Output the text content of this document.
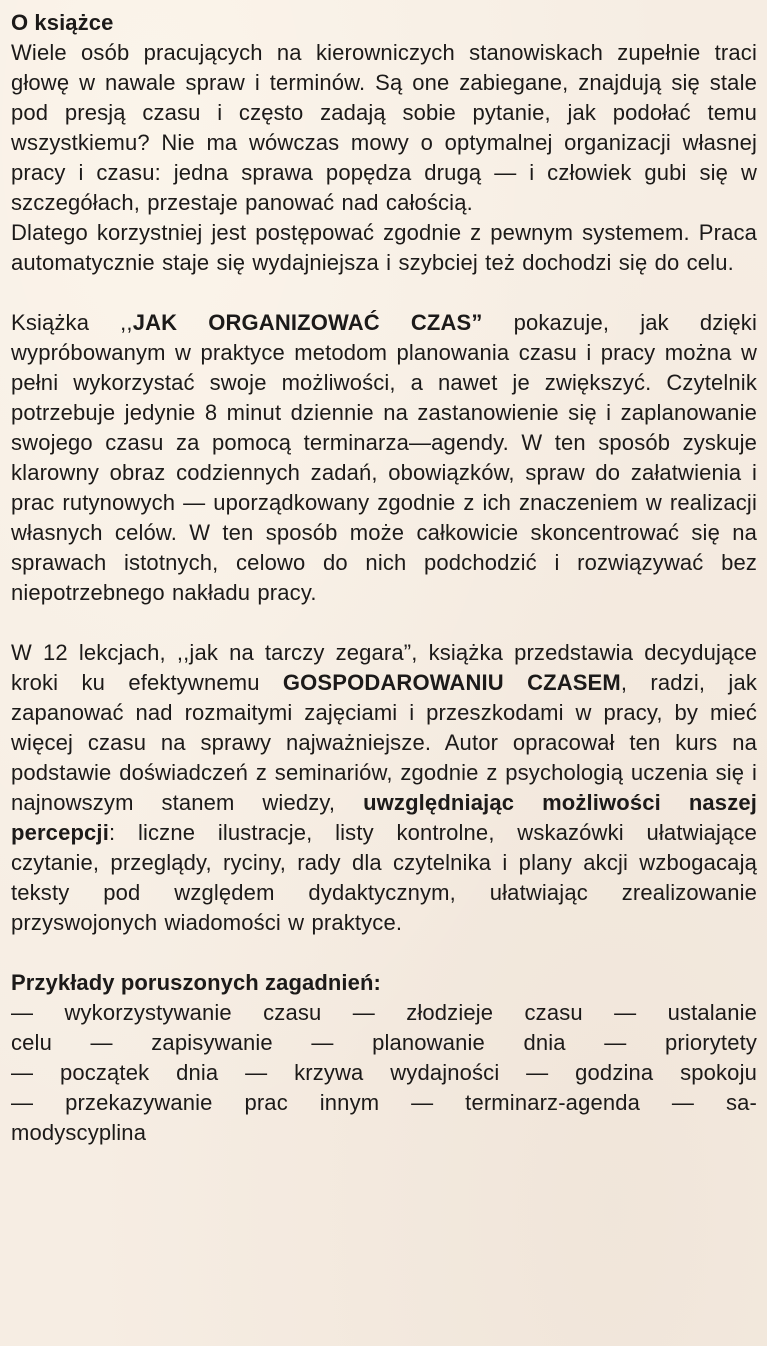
O książce

Wiele osób pracujących na kierowniczych stanowiskach zupełnie traci głowę w nawale spraw i terminów. Są one zabiegane, znajdują się stale pod presją czasu i często zadają sobie pytanie, jak podołać temu wszystkiemu? Nie ma wówczas mowy o optymalnej organizacji własnej pracy i czasu: jedna sprawa popędza drugą — i człowiek gubi się w szczegółach, przestaje panować nad całością.

Dlatego korzystniej jest postępować zgodnie z pewnym systemem. Praca automatycznie staje się wydajniejsza i szybciej też dochodzi się do celu.

Książka ,,JAK ORGANIZOWAĆ CZAS” pokazuje, jak dzięki wypróbowanym w praktyce metodom planowania czasu i pracy można w pełni wykorzystać swoje możliwości, a nawet je zwiększyć. Czytelnik potrzebuje jedynie 8 minut dziennie na zastanowienie się i zaplanowanie swojego czasu za pomocą terminarza—agendy. W ten sposób zyskuje klarowny obraz codziennych zadań, obowiązków, spraw do załatwienia i prac rutynowych — uporządkowany zgodnie z ich znaczeniem w realizacji własnych celów. W ten sposób może całkowicie skoncentrować się na sprawach istotnych, celowo do nich podchodzić i rozwiązywać bez niepotrzebnego nakładu pracy.

W 12 lekcjach, ,,jak na tarczy zegara”, książka przedstawia decydujące kroki ku efektywnemu GOSPODAROWANIU CZASEM, radzi, jak zapanować nad rozmaitymi zajęciami i przeszkodami w pracy, by mieć więcej czasu na sprawy najważniejsze. Autor opracował ten kurs na podstawie doświadczeń z seminariów, zgodnie z psychologią uczenia się i najnowszym stanem wiedzy, uwzględniając możliwości naszej percepcji: liczne ilustracje, listy kontrolne, wskazówki ułatwiające czytanie, przeglądy, ryciny, rady dla czytelnika i plany akcji wzbogacają teksty pod względem dydaktycznym, ułatwiając zrealizowanie przyswojonych wiadomości w praktyce.

Przykłady poruszonych zagadnień:
— wykorzystywanie czasu — złodzieje czasu — ustalanie
celu — zapisywanie — planowanie dnia — priorytety
— początek dnia — krzywa wydajności — godzina spokoju
— przekazywanie prac innym — terminarz-agenda — sa-
modyscyplina
